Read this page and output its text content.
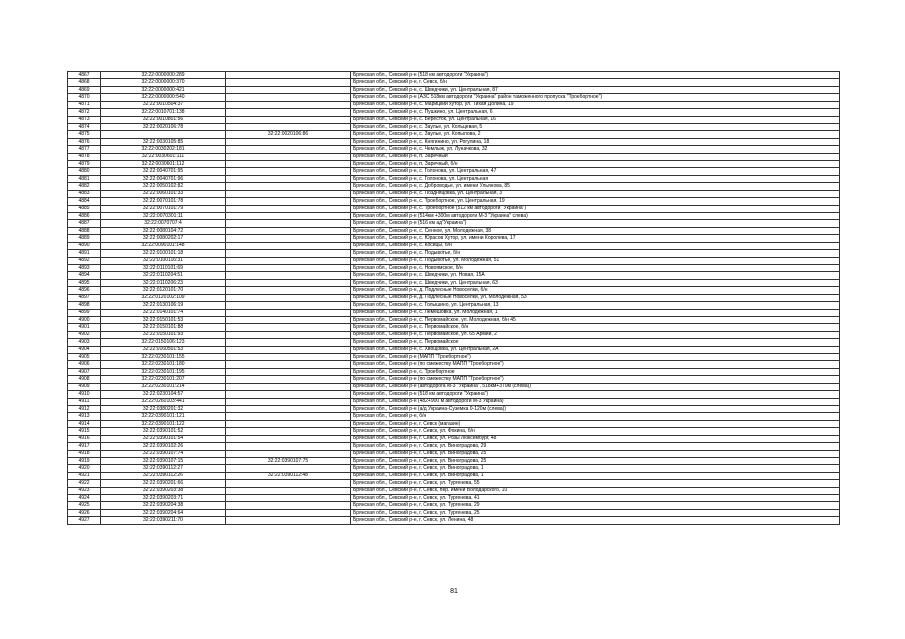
4867	32:22:0000000:289		Брянская обл., Севский р-н (518 км автодороги "Украина")
4868	32:22:0000000:370		Брянская обл., Севский р-н, г. Севск, б/н
4869	32:22:0000000:421		Брянская обл., Севский р-н, с. Шведчики, ул. Центральная, 87
4870	32:22:0000000:540		Брянская обл., Севский р-н (АЗС 518км автодороги "Украина" район таможенного пропуска "Троебортное")
4871	32:22:0010504:37		Брянская обл., Севский р-н, с. Марицкий хутор, ул. Тихая Долина, 19
4872	32:22:0010701:138		Брянская обл., Севский р-н, с. Пушкино, ул. Центральная, 6
4873	32:22:0010801:56		Брянская обл., Севский р-н, с. Бересток, ул. Центральная, 16
4874	32:22:0020106:78		Брянская обл., Севский р-н, с. Заулье, ул. Кольцевая, 5
4875		32:22:0020106:86	Брянская обл., Севский р-н, с. Заулье, ул. Копылова, 2
4876	32:22:0030105:85		Брянская обл., Севский р-н, с. Княгинино, ул. Рогулина, 18
4877	32:22:0030202:181		Брянская обл., Севский р-н, с. Чемлыж, ул. Луначкова, 32
4878	32:22:0030601:111		Брянская обл., Севский р-н, п. Заречный
4879	32:22:0030601:112		Брянская обл., Севский р-н, п. Заречный, б/н
4880	32:22:0040701:95		Брянская обл., Севский р-н, с. Голонова, ул. Центральная, 47
4881	32:22:0040701:96		Брянская обл., Севский р-н, с. Голонова, ул. Центральная
4882	32:22:0050102:82		Брянская обл., Севский р-н, с. Доброводье, ул. имени Ульянова, 85
4883	32:22:0060101:33		Брянская обл., Севский р-н, с. Поздняцовка, ул. Центральная, 3
4884	32:22:0070101:78		Брянская обл., Севский р-н, с. Троебортное, ул. Центральная, 19
4885	32:22:0070101:79		Брянская обл., Севский р-н, с. Троебортное (512 км автодороги "Украина")
4886	32:22:0070301:11		Брянская обл., Севский р-н (514км +300м автодороги М-3 "Украина" слева)
4887	32:22:0070707:4		Брянская обл., Севский р-н (516 км ад"Украина")
4888	32:22:0080104:72		Брянская обл., Севский р-н, с. Сенное, ул. Молодежная, 38
4889	32:22:0080202:17		Брянская обл., Севский р-н, с. Юрасов Хутор, ул. имени Королева, 17
4890	32:22:0090101:148		Брянская обл., Севский р-н, с. Косицы, б/н
4891	32:22:0100101:18		Брянская обл., Севский р-н, с. Подывотье, б/н
4892	32:22:0100116:31		Брянская обл., Севский р-н, с. Подывотье, ул. Молодежная, 51
4893	32:22:0110101:69		Брянская обл., Севский р-н, с. Новоямское, б/н
4894	32:22:0110204:51		Брянская обл., Севский р-н, с. Шведчики, ул. Новая, 15А
4895	32:22:0110206:23		Брянская обл., Севский р-н, с. Шведчики, ул. Центральная, 63
4896	32:22:0120101:70		Брянская обл., Севский р-н, д. Подлесные Новоселки, б/н
4897	32:22:0120102:109		Брянская обл., Севский р-н, д. Подлесные Новоселки, ул. Молодежная, 53
4898	32:22:0130106:19		Брянская обл., Севский р-н, с. Голышино, ул. Центральная, 13
4899	32:22:0140101:74		Брянская обл., Севский р-н, с. Лемешовка, ул. Молодежная, 1
4900	32:22:0150101:53		Брянская обл., Севский р-н, с. Первомайское, ул. Молодежная, б/н 45
4901	32:22:0150101:88		Брянская обл., Севский р-н, с. Первомайское, б/н
4902	32:22:0150101:93		Брянская обл., Севский р-н, с. Первомайское, ул. 65 Армии, 2
4903	32:22:0150106:123		Брянская обл., Севский р-н, с. Первомайское
4904	32:22:0160501:53		Брянская обл., Севский р-н, с. Хвощовка, ул. Центральная, 2А
4905	32:22:0230101:155		Брянская обл., Севский р-н (МАПП "Троебортное")
4906	32:22:0230101:180		Брянская обл., Севский р-н (по смежеству МАПП "Троебортное")
4907	32:22:0230101:195		Брянская обл., Севский р-н, с. Троебортное
4908	32:22:0230101:207		Брянская обл., Севский р-н (по смежеству МАПП "Троебортное")
4909	32:22:0230101:214		Брянская обл., Севский р-н (автодорога М-3 "Украина", 518км+370м (слева))
4910	32:22:0230104:57		Брянская обл., Севский р-н (518 км автодороги "Украина")
4911	32:22:0260103:441		Брянская обл., Севский р-н (482+900 м автодороги М-3 Украина)
4912	32:22:0380201:32		Брянская обл., Севский р-н (а/д Украина-Суземка 0-120м (слева))
4913	32:22:0390101:121		Брянская обл., Севский р-н, б/н
4914	32:22:0390101:122		Брянская обл., Севский р-н, г. Севск (магазин)
4915	32:22:0390101:52		Брянская обл., Севский р-н, г. Севск, ул. Фокина, б/н
4916	32:22:0390101:54		Брянская обл., Севский р-н, г. Севск, ул. Розы Люксембург, 48
4917	32:22:0390102:26		Брянская обл., Севский р-н, г. Севск, ул. Виноградова, 29
4918	32:22:0390107:74		Брянская обл., Севский р-н, г. Севск, ул. Виноградова, 25
4919	32:22:0390107:15	32:22:0390107:75	Брянская обл., Севский р-н, г. Севск, ул. Виноградова, 25
4920	32:22:0390112:27		Брянская обл., Севский р-н, г. Севск, ул. Виноградова, 1
4921	32:22:0390112:26	32:22:0390112:48	Брянская обл., Севский р-н, г. Севск, ул. Виноградова, 1
4922	32:22:0390201:66		Брянская обл., Севский р-н, г. Севск, ул. Тургенева, 55
4923	32:22:0390203:38		Брянская обл., Севский р-н, г. Севск, пер. имени Володарского, 10
4924	32:22:0390203:71		Брянская обл., Севский р-н, г. Севск, ул. Тургенева, 41
4925	32:22:0390204:38		Брянская обл., Севский р-н, г. Севск, ул. Тургенева, 29
4926	32:22:0390204:64		Брянская обл., Севский р-н, г. Севск, ул. Тургенева, 25
4927	32:22:0390211:70		Брянская обл., Севский р-н, г. Севск, ул. Ленина, 48
81
